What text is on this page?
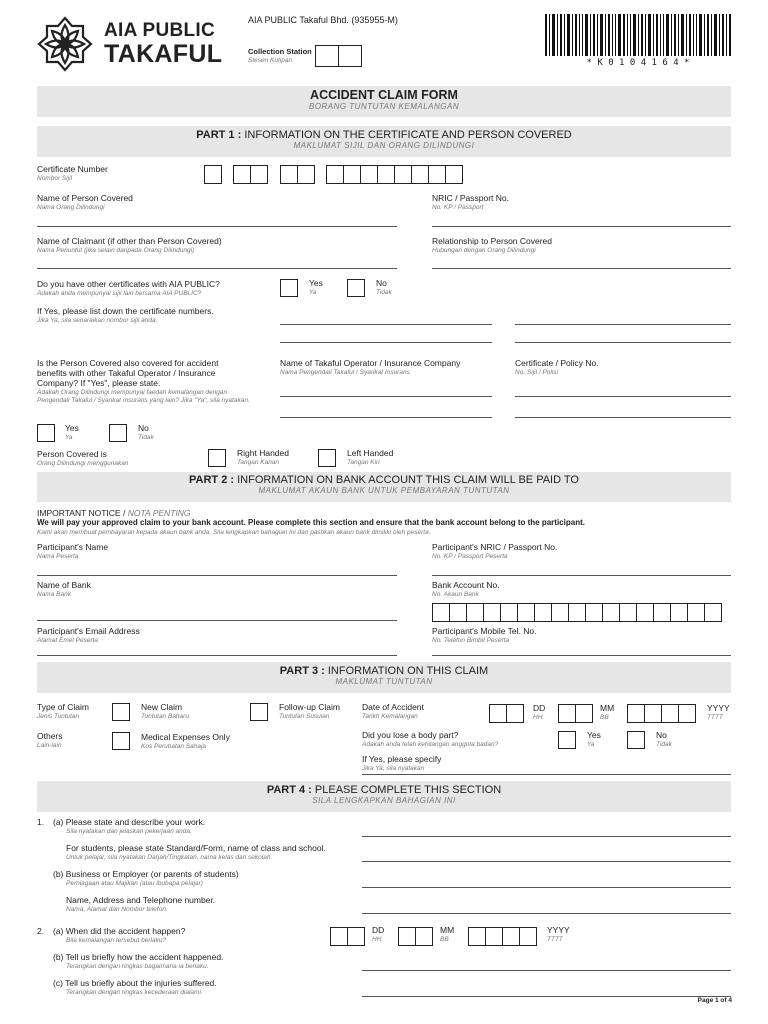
AIA PUBLIC
TAKAFUL
AIA PUBLIC Takaful Bhd. (935955-M)
Collection Station
Stesen Kutipan	* K 0 1 0 4 1 6 4 *
ACCIDENT CLAIM FORM
BORANG TUNTUTAN KEMALANGAN
PART 1 : INFORMATION ON THE CERTIFICATE AND PERSON COVERED
MAKLUMAT SIJIL DAN ORANG DILINDUNGI
Certificate Number
Nombor Sijil
Name of Person Covered
Nama Orang Dilindungi
NRIC / Passport No.
No. KP / Passport
Name of Claimant (if other than Person Covered)
Nama Penuntut (jika selain daripada Orang Dilindungi)
Relationship to Person Covered
Hubungan dengan Orang Dilindungi
Do you have other certificates with AIA PUBLIC?
Adakah anda mempunyai sijil lain bersama AIA PUBLIC?
Yes
Ya
No
Tidak
If Yes, please list down the certificate numbers.
Jika Ya, sila senaraikan nombor sijil anda.
Is the Person Covered also covered for accident benefits with other Takaful Operator / Insurance Company? If "Yes", please state.
Adakah Orang Dilindungi mempunyai faedah kemalangan dengan Pengendali Takaful / Syarikat Insurans yang lain? Jika "Ya", sila nyatakan.
Name of Takaful Operator / Insurance Company
Nama Pengendali Takaful / Syarikat Insurans
Certificate / Policy No.
No. Sijil / Polisi
Yes
Ya
No
Tidak
Person Covered is
Orang Dilindungi menggunakan
Right Handed
Tangan Kanan
Left Handed
Tangan Kiri
PART 2 : INFORMATION ON BANK ACCOUNT THIS CLAIM WILL BE PAID TO
MAKLUMAT AKAUN BANK UNTUK PEMBAYARAN TUNTUTAN
IMPORTANT NOTICE / NOTA PENTING
We will pay your approved claim to your bank account. Please complete this section and ensure that the bank account belong to the participant.
Kami akan membuat pembayaran kepada akaun bank anda. Sila lengkapkan bahagian ini dan pastikan akaun bank dimiliki oleh peserta.
Participant's Name
Nama Peserta
Participant's NRIC / Passport No.
No. KP / Passport Peserta
Name of Bank
Nama Bank
Bank Account No.
No. Akaun Bank
Participant's Email Address
Alamat Emel Peserta
Participant's Mobile Tel. No.
No. Telefon Bimbit Peserta
PART 3 : INFORMATION ON THIS CLAIM
MAKLUMAT TUNTUTAN
Type of Claim
Jenis Tuntutan
New Claim
Tuntutan Baharu
Follow-up Claim
Tuntutan Susulan
Date of Accident
Tarikh Kemalangan
DD
HH
MM
BB
YYYY
TTTT
Others
Lain-lain
Medical Expenses Only
Kos Perubatan Sahaja
Did you lose a body part?
Adakah anda telah kehilangan anggota badan?
Yes
Ya
No
Tidak
If Yes, please specify
Jika Ya, sila nyatakan
PART 4 : PLEASE COMPLETE THIS SECTION
SILA LENGKAPKAN BAHAGIAN INI
1. (a) Please state and describe your work.
Sila nyatakan dan jelaskan pekerjaan anda.
For students, please state Standard/Form, name of class and school.
Untuk pelajar, sila nyatakan Darjah/Tingkatan, nama kelas dan sekolah.
(b) Business or Employer (or parents of students)
Perniagaan atau Majikan (atau ibubapa pelajar)
Name, Address and Telephone number.
Nama, Alamat dan Nombor telefon.
2. (a) When did the accident happen?
Bila kemalangan tersebut berlaku?
DD
HH
MM
BB
YYYY
TTTT
(b) Tell us briefly how the accident happened.
Terangkan dengan ringkas bagaimana ia berlaku.
(c) Tell us briefly about the injuries suffered.
Terangkan dengan ringkas kecederaan dialami.
Page 1 of 4
